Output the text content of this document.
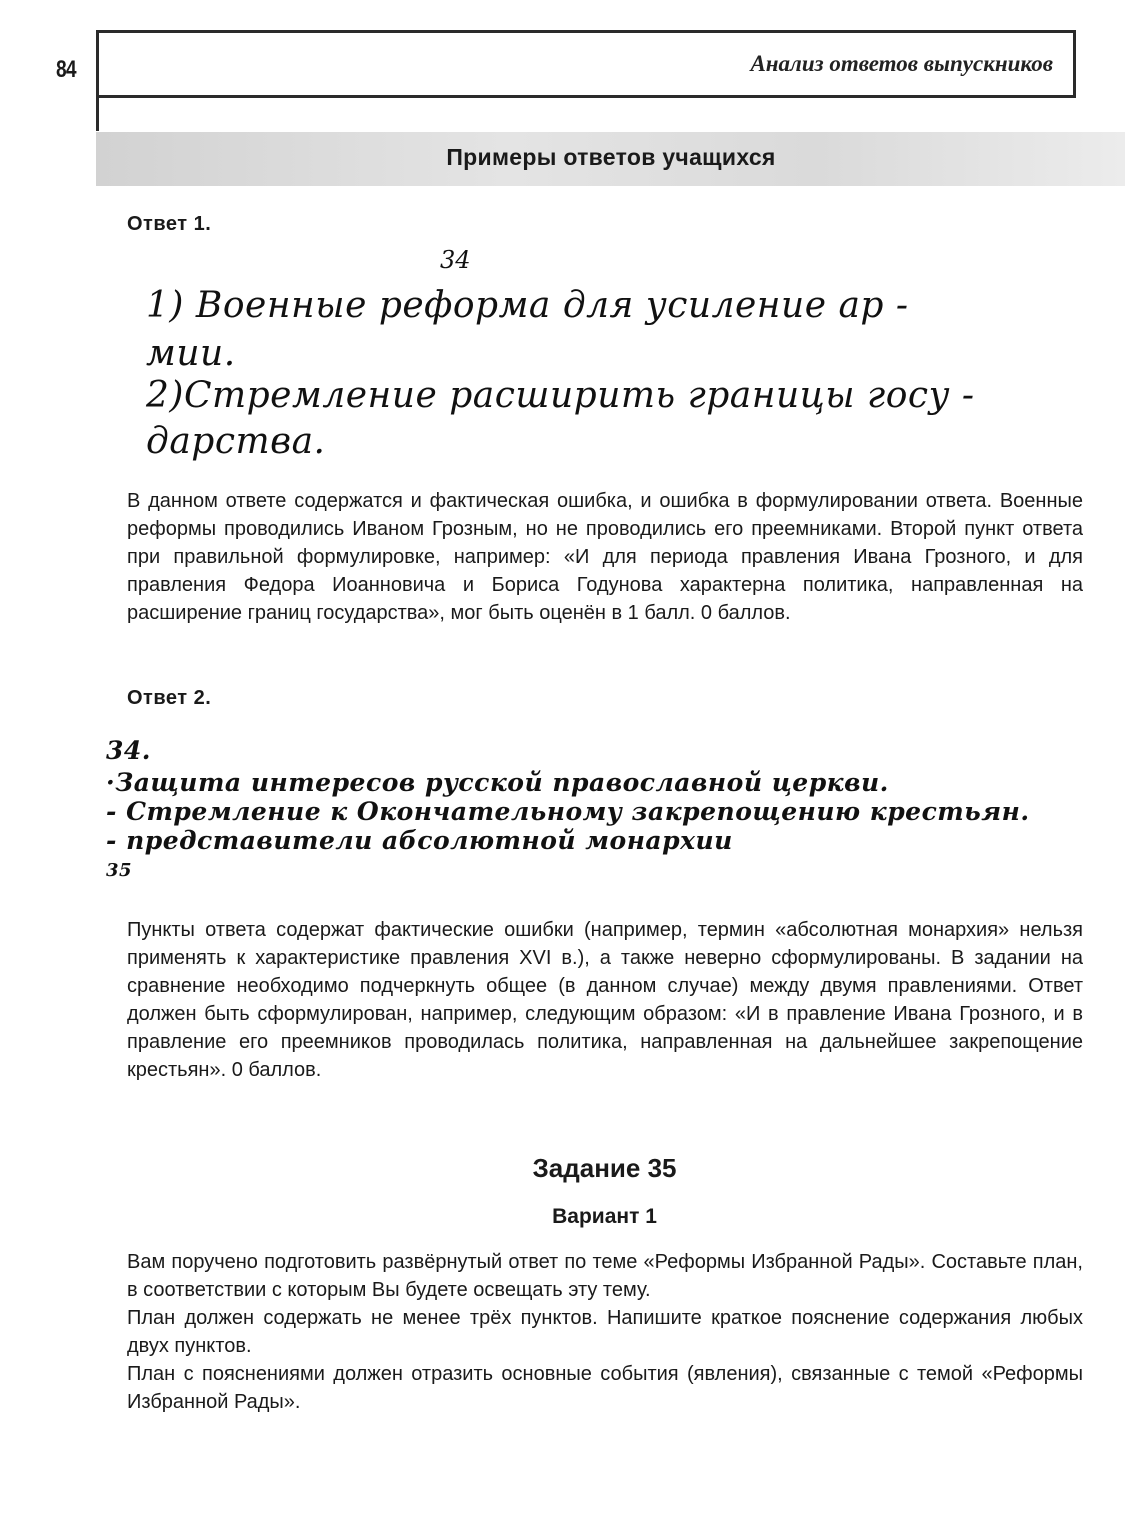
84	Анализ ответов выпускников
Примеры ответов учащихся
Ответ 1.
34
1) Военные реформа для усиление ар -
мии.
2)Стремление расширить границы госу -
дарства.
В данном ответе содержатся и фактическая ошибка, и ошибка в формулировании ответа. Военные реформы проводились Иваном Грозным, но не проводились его преемниками. Второй пункт ответа при правильной формулировке, например: «И для периода правления Ивана Грозного, и для правления Федора Иоанновича и Бориса Годунова характерна политика, направленная на расширение границ государства», мог быть оценён в 1 балл. 0 баллов.
Ответ 2.
34.
·Защита интересов русской православной церкви.
- Стремление к Окончательному закрепощению крестьян.
- представители абсолютной монархии
35
Пункты ответа содержат фактические ошибки (например, термин «абсолютная монархия» нельзя применять к характеристике правления XVI в.), а также неверно сформулированы. В задании на сравнение необходимо подчеркнуть общее (в данном случае) между двумя правлениями. Ответ должен быть сформулирован, например, следующим образом: «И в правление Ивана Грозного, и в правление его преемников проводилась политика, направленная на дальнейшее закрепощение крестьян». 0 баллов.
Задание 35
Вариант 1

Вам поручено подготовить развёрнутый ответ по теме «Реформы Избранной Рады». Составьте план, в соответствии с которым Вы будете освещать эту тему.

План должен содержать не менее трёх пунктов. Напишите краткое пояснение содержания любых двух пунктов.

План с пояснениями должен отразить основные события (явления), связанные с темой «Реформы Избранной Рады».
